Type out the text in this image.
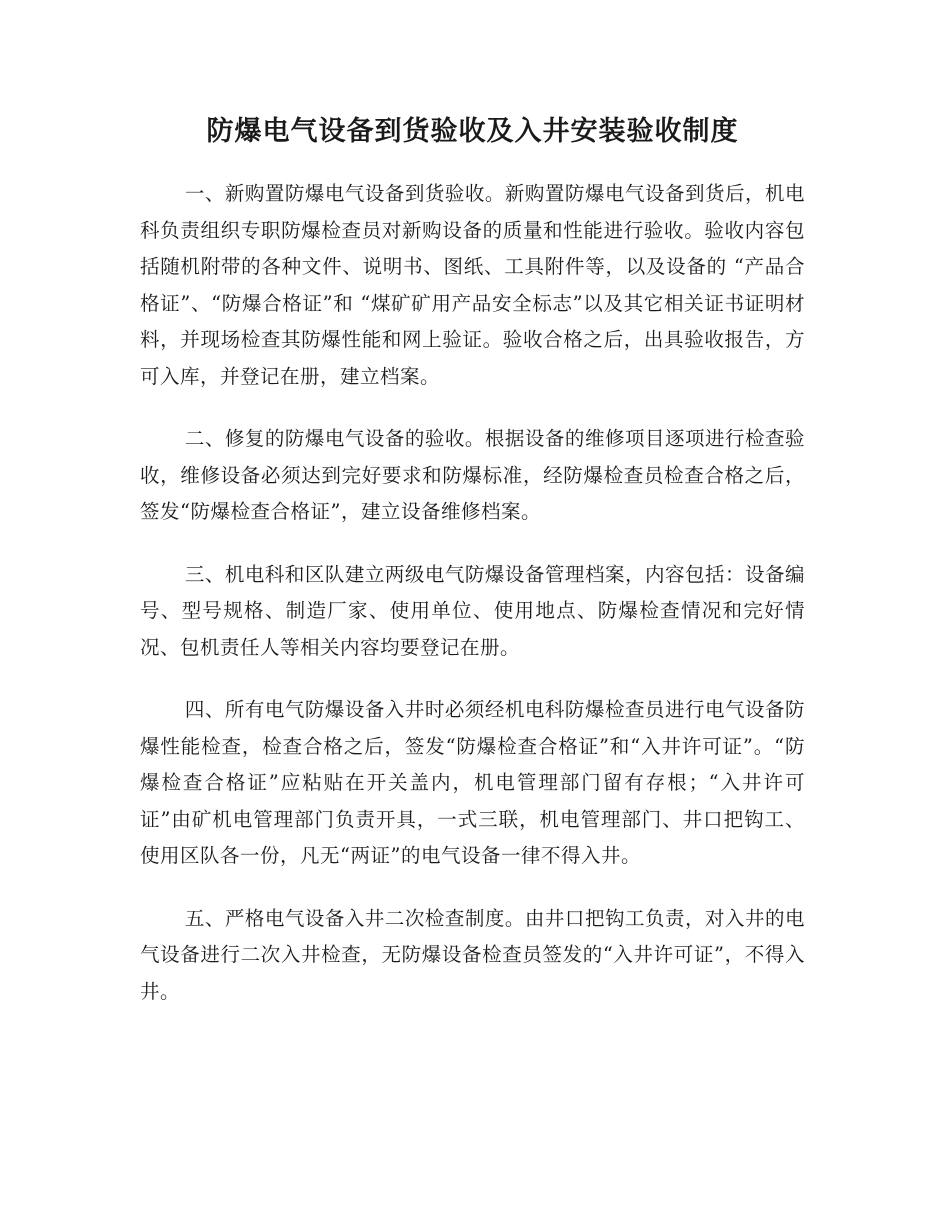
防爆电气设备到货验收及入井安装验收制度

一、新购置防爆电气设备到货验收。新购置防爆电气设备到货后，机电科负责组织专职防爆检查员对新购设备的质量和性能进行验收。验收内容包括随机附带的各种文件、说明书、图纸、工具附件等，以及设备的 “产品合格证”、“防爆合格证”和 “煤矿矿用产品安全标志”以及其它相关证书证明材料，并现场检查其防爆性能和网上验证。验收合格之后，出具验收报告，方可入库，并登记在册，建立档案。

二、修复的防爆电气设备的验收。根据设备的维修项目逐项进行检查验收，维修设备必须达到完好要求和防爆标准，经防爆检查员检查合格之后，签发“防爆检查合格证”，建立设备维修档案。

三、机电科和区队建立两级电气防爆设备管理档案，内容包括：设备编号、型号规格、制造厂家、使用单位、使用地点、防爆检查情况和完好情况、包机责任人等相关内容均要登记在册。

四、所有电气防爆设备入井时必须经机电科防爆检查员进行电气设备防爆性能检查，检查合格之后，签发“防爆检查合格证”和“入井许可证”。“防爆检查合格证”应粘贴在开关盖内，机电管理部门留有存根；“入井许可证”由矿机电管理部门负责开具，一式三联，机电管理部门、井口把钩工、使用区队各一份，凡无“两证”的电气设备一律不得入井。

五、严格电气设备入井二次检查制度。由井口把钩工负责，对入井的电气设备进行二次入井检查，无防爆设备检查员签发的“入井许可证”，不得入井。
